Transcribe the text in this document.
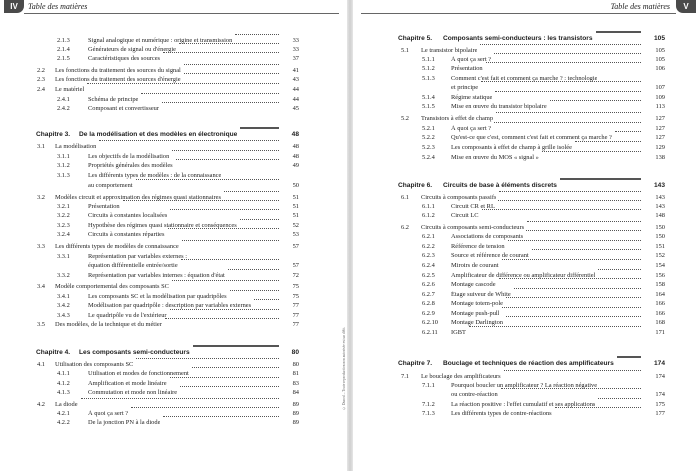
IV	Table des matières
2.1.3	Signal analogique et numérique : origine et transmission	33
2.1.4	Générateurs de signal ou d'énergie	33
2.1.5	Caractéristiques des sources	37
2.2 Les fonctions du traitement des sources du signal	41
2.3 Les fonctions du traitement des sources d'énergie	43
2.4 Le matériel	44
2.4.1	Schéma de principe	44
2.4.2	Composant et convertisseur	45
Chapitre 3. De la modélisation et des modèles en électronique	48
3.1 La modélisation	48
3.1.1	Les objectifs de la modélisation	48
3.1.2	Propriétés générales des modèles	49
3.1.3	Les différents types de modèles : de la connaissance
au comportement	50
3.2 Modèles circuit et approximation des régimes quasi stationnaires	51
3.2.1	Présentation	51
3.2.2	Circuits à constantes localisées	51
3.2.3	Hypothèse des régimes quasi stationnaire et conséquences	52
3.2.4	Circuits à constantes réparties	53
3.3 Les différents types de modèles de connaissance	57
3.3.1	Représentation par variables externes :
équation différentielle entrée/sortie	57
3.3.2	Représentation par variables internes : équation d'état	72
3.4 Modèle comportemental des composants SC	75
3.4.1	Les composants SC et la modélisation par quadripôles	75
3.4.2	Modélisation par quadripôle : description par variables externes	77
3.4.3	Le quadripôle vu de l'extérieur	77
3.5 Des modèles, de la technique et du métier	77
Chapitre 4. Les composants semi-conducteurs	80
4.1 Utilisation des composants SC	80
4.1.1	Utilisation et modes de fonctionnement	81
4.1.2	Amplification et mode linéaire	83
4.1.3	Commutation et mode non linéaire	84
4.2 La diode	89
4.2.1	À quoi ça sert ?	89
4.2.2	De la jonction PN à la diode	89
© Dunod – Toute reproduction non autorisée est un délit.
V
Table des matières
Chapitre 5. Composants semi-conducteurs : les transistors	105
5.1 Le transistor bipolaire	105
5.1.1	À quoi ça sert ?	105
5.1.2	Présentation	106
5.1.3	Comment c'est fait et comment ça marche ? : technologie
et principe	107
5.1.4	Régime statique	109
5.1.5	Mise en œuvre du transistor bipolaire	113
5.2 Transistors à effet de champ	127
5.2.1	À quoi ça sert ?	127
5.2.2	Qu'est-ce que c'est, comment c'est fait et comment ça marche ?	127
5.2.3	Les composants à effet de champ à grille isolée	129
5.2.4	Mise en œuvre du MOS « signal »	138
Chapitre 6. Circuits de base à éléments discrets	143
6.1 Circuits à composants passifs	143
6.1.1	Circuit CR et RL	143
6.1.2	Circuit LC	148
6.2 Circuits à composants semi-conducteurs	150
6.2.1	Associations de composants	150
6.2.2	Référence de tension	151
6.2.3	Source et référence de courant	152
6.2.4	Miroirs de courant	154
6.2.5	Amplificateur de différence ou amplificateur différentiel	156
6.2.6	Montage cascode	158
6.2.7	Étage suiveur de White	164
6.2.8	Montage totem-pole	166
6.2.9	Montage push-pull	166
6.2.10 Montage Darlington	168
6.2.11 IGBT	171
Chapitre 7. Bouclage et techniques de réaction des amplificateurs	174
7.1 Le bouclage des amplificateurs	174
7.1.1	Pourquoi boucler un amplificateur ? La réaction négative
ou contre-réaction	174
7.1.2	La réaction positive : l'effet cumulatif et ses applications	175
7.1.3	Les différents types de contre-réactions	177
